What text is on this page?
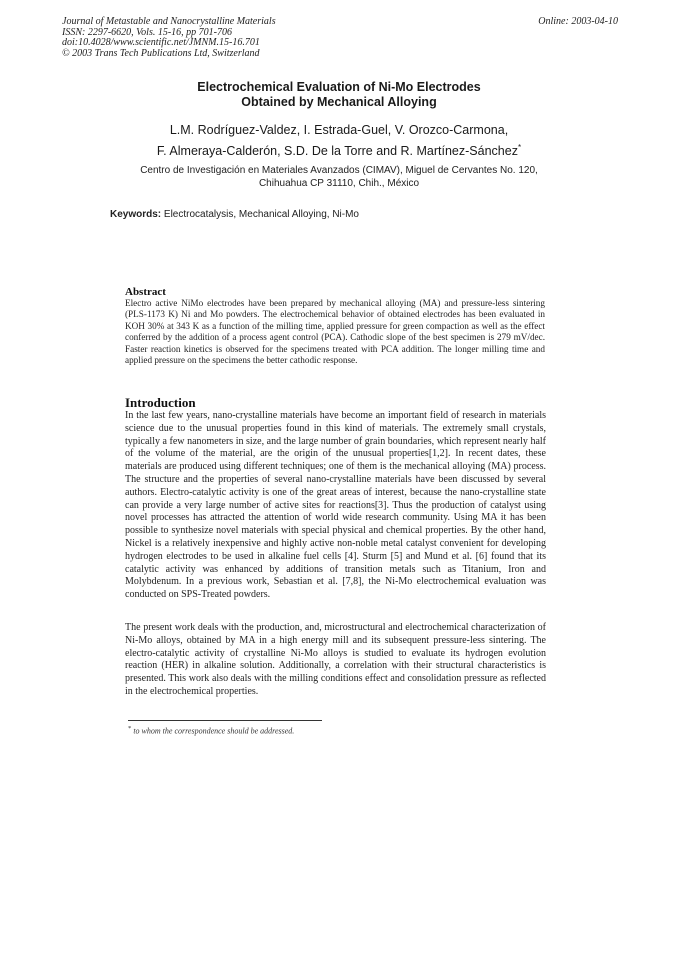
Journal of Metastable and Nanocrystalline Materials
ISSN: 2297-6620, Vols. 15-16, pp 701-706
doi:10.4028/www.scientific.net/JMNM.15-16.701
© 2003 Trans Tech Publications Ltd, Switzerland
Online: 2003-04-10
Electrochemical Evaluation of Ni-Mo Electrodes
Obtained by Mechanical Alloying
L.M. Rodríguez-Valdez, I. Estrada-Guel, V. Orozco-Carmona,
F. Almeraya-Calderón, S.D. De la Torre and R. Martínez-Sánchez*
Centro de Investigación en Materiales Avanzados (CIMAV), Miguel de Cervantes No. 120,
Chihuahua CP 31110, Chih., México
Keywords: Electrocatalysis, Mechanical Alloying, Ni-Mo
Abstract
Electro active NiMo electrodes have been prepared by mechanical alloying (MA) and pressure-less sintering (PLS-1173 K) Ni and Mo powders. The electrochemical behavior of obtained electrodes has been evaluated in KOH 30% at 343 K as a function of the milling time, applied pressure for green compaction as well as the effect conferred by the addition of a process agent control (PCA). Cathodic slope of the best specimen is 279 mV/dec. Faster reaction kinetics is observed for the specimens treated with PCA addition. The longer milling time and applied pressure on the specimens the better cathodic response.
Introduction
In the last few years, nano-crystalline materials have become an important field of research in materials science due to the unusual properties found in this kind of materials. The extremely small crystals, typically a few nanometers in size, and the large number of grain boundaries, which represent nearly half of the volume of the material, are the origin of the unusual properties[1,2]. In recent dates, these materials are produced using different techniques; one of them is the mechanical alloying (MA) process. The structure and the properties of several nano-crystalline materials have been discussed by several authors. Electro-catalytic activity is one of the great areas of interest, because the nano-crystalline state can provide a very large number of active sites for reactions[3]. Thus the production of catalyst using novel processes has attracted the attention of world wide research community. Using MA it has been possible to synthesize novel materials with special physical and chemical properties. By the other hand, Nickel is a relatively inexpensive and highly active non-noble metal catalyst convenient for developing hydrogen electrodes to be used in alkaline fuel cells [4]. Sturm [5] and Mund et al. [6] found that its catalytic activity was enhanced by additions of transition metals such as Titanium, Iron and Molybdenum. In a previous work, Sebastian et al. [7,8], the Ni-Mo electrochemical evaluation was conducted on SPS-Treated powders.
The present work deals with the production, and, microstructural and electrochemical characterization of Ni-Mo alloys, obtained by MA in a high energy mill and its subsequent pressure-less sintering. The electro-catalytic activity of crystalline Ni-Mo alloys is studied to evaluate its hydrogen evolution reaction (HER) in alkaline solution. Additionally, a correlation with their structural characteristics is presented. This work also deals with the milling conditions effect and consolidation pressure as reflected in the electrochemical properties.
* to whom the correspondence should be addressed.
